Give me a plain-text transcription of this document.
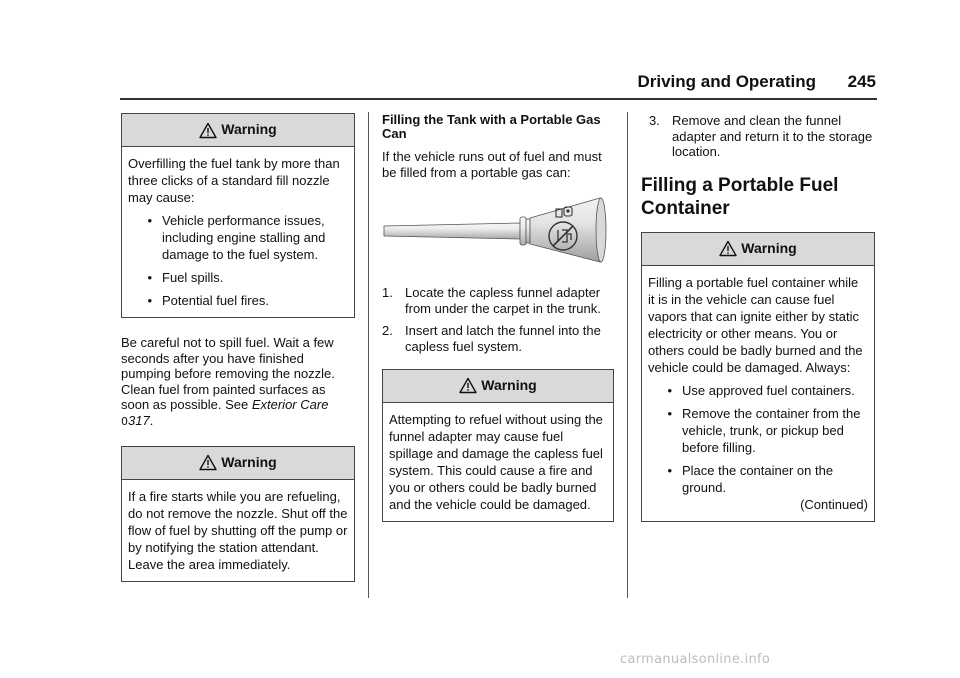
Driving and Operating 245
Warning

Overfilling the fuel tank by more than three clicks of a standard fill nozzle may cause:

• Vehicle performance issues, including engine stalling and damage to the fuel system.
• Fuel spills.
• Potential fuel fires.

Be careful not to spill fuel. Wait a few seconds after you have finished pumping before removing the nozzle. Clean fuel from painted surfaces as soon as possible. See Exterior Care 0317.

Warning

If a fire starts while you are refueling, do not remove the nozzle. Shut off the flow of fuel by shutting off the pump or by notifying the station attendant. Leave the area immediately.

Filling the Tank with a Portable Gas Can

If the vehicle runs out of fuel and must be filled from a portable gas can:

1. Locate the capless funnel adapter from under the carpet in the trunk.
2. Insert and latch the funnel into the capless fuel system.
Warning

Attempting to refuel without using the funnel adapter may cause fuel spillage and damage the capless fuel system. This could cause a fire and you or others could be badly burned and the vehicle could be damaged.

3. Remove and clean the funnel adapter and return it to the storage location.
Filling a Portable Fuel Container
Warning

Filling a portable fuel container while it is in the vehicle can cause fuel vapors that can ignite either by static electricity or other means. You or others could be badly burned and the vehicle could be damaged. Always:

• Use approved fuel containers.
• Remove the container from the vehicle, trunk, or pickup bed before filling.
• Place the container on the ground.

(Continued)

carmanualsonline.info
